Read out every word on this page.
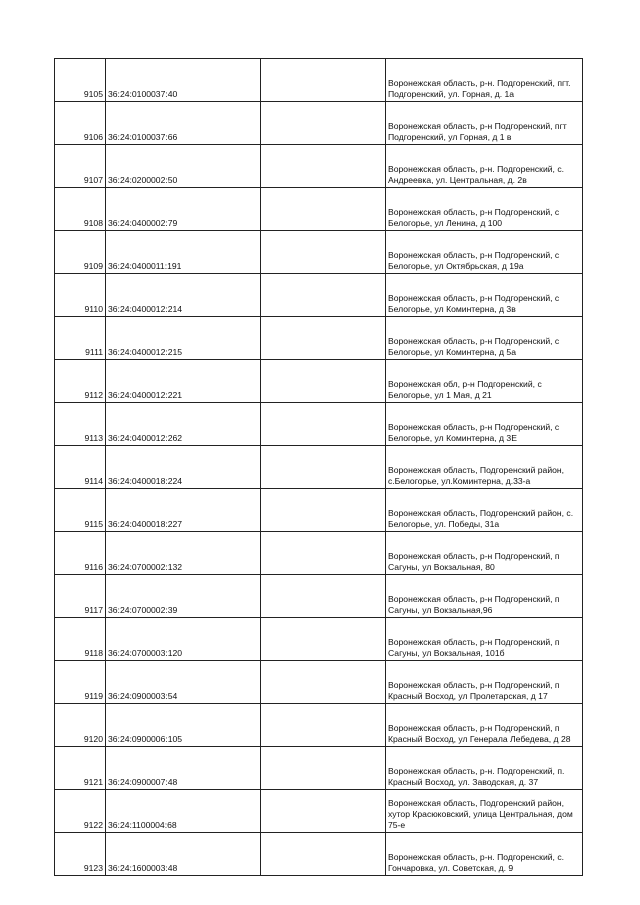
9105	36:24:0100037:40		Воронежская область, р-н. Подгоренский, пгт. Подгоренский, ул. Горная, д. 1а

9106	36:24:0100037:66		Воронежская область, р-н Подгоренский, пгт Подгоренский, ул Горная, д 1 в

9107	36:24:0200002:50		Воронежская область, р-н. Подгоренский, с. Андреевка, ул. Центральная, д. 2в

9108	36:24:0400002:79		Воронежская область, р-н Подгоренский, с Белогорье, ул Ленина, д 100

9109	36:24:0400011:191		Воронежская область, р-н Подгоренский, с Белогорье, ул Октябрьская, д 19а

9110	36:24:0400012:214		Воронежская область, р-н Подгоренский, с Белогорье, ул Коминтерна, д 3в

9111	36:24:0400012:215		Воронежская область, р-н Подгоренский, с Белогорье, ул Коминтерна, д 5а

9112	36:24:0400012:221		Воронежская обл, р-н Подгоренский, с Белогорье, ул 1 Мая, д 21

9113	36:24:0400012:262		Воронежская область, р-н Подгоренский, с Белогорье, ул Коминтерна, д 3Е

9114	36:24:0400018:224		Воронежская область, Подгоренский район, с.Белогорье, ул.Коминтерна, д.33-а

9115	36:24:0400018:227		Воронежская область, Подгоренский район, с. Белогорье, ул. Победы, 31а

9116	36:24:0700002:132		Воронежская область, р-н Подгоренский, п Сагуны, ул Вокзальная, 80

9117	36:24:0700002:39		Воронежская область, р-н Подгоренский, п Сагуны, ул Вокзальная,96

9118	36:24:0700003:120		Воронежская область, р-н Подгоренский, п Сагуны, ул Вокзальная, 101б

9119	36:24:0900003:54		Воронежская область, р-н Подгоренский, п Красный Восход, ул Пролетарская, д 17

9120	36:24:0900006:105		Воронежская область, р-н Подгоренский, п Красный Восход, ул Генерала Лебедева, д 28

9121	36:24:0900007:48		Воронежская область, р-н. Подгоренский, п. Красный Восход, ул. Заводская, д. 37

9122	36:24:1100004:68		Воронежская область, Подгоренский район, хутор Красюковский, улица Центральная, дом 75-е

9123	36:24:1600003:48		Воронежская область, р-н. Подгоренский, с. Гончаровка, ул. Советская, д. 9
